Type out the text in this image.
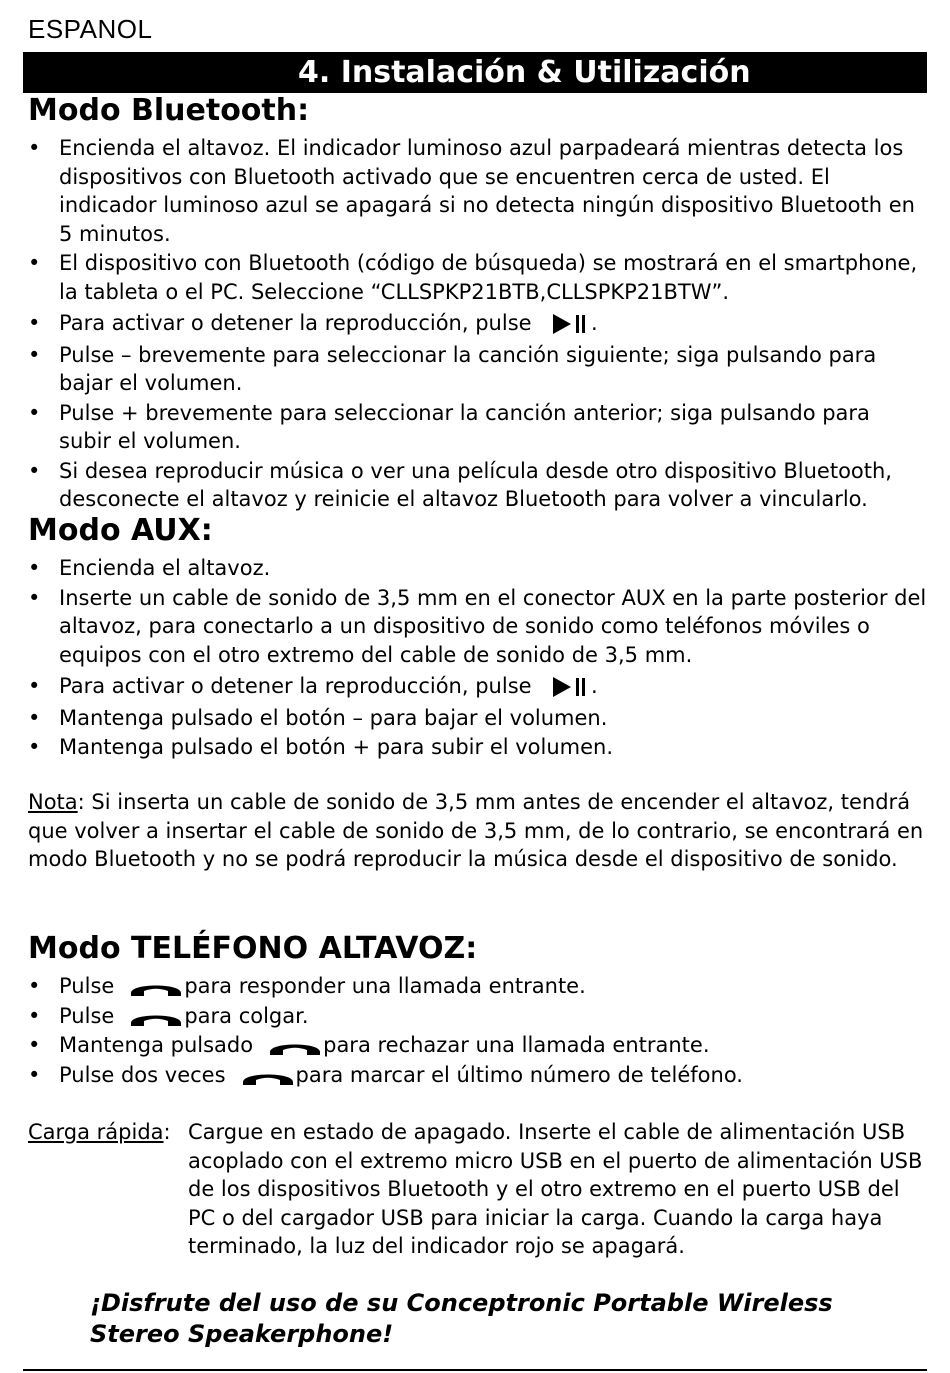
ESPANOL
4. Instalación & Utilización
Modo Bluetooth:
• Encienda el altavoz. El indicador luminoso azul parpadeará mientras detecta los dispositivos con Bluetooth activado que se encuentren cerca de usted. El indicador luminoso azul se apagará si no detecta ningún dispositivo Bluetooth en 5 minutos.
• El dispositivo con Bluetooth (código de búsqueda) se mostrará en el smartphone, la tableta o el PC. Seleccione “CLLSPKP21BTB,CLLSPKP21BTW”.
• Para activar o detener la reproducción, pulse	.
• Pulse – brevemente para seleccionar la canción siguiente; siga pulsando para bajar el volumen.
• Pulse + brevemente para seleccionar la canción anterior; siga pulsando para subir el volumen.
• Si desea reproducir música o ver una película desde otro dispositivo Bluetooth, desconecte el altavoz y reinicie el altavoz Bluetooth para volver a vincularlo.
Modo AUX:
• Encienda el altavoz.
• Inserte un cable de sonido de 3,5 mm en el conector AUX en la parte posterior del altavoz, para conectarlo a un dispositivo de sonido como teléfonos móviles o equipos con el otro extremo del cable de sonido de 3,5 mm.
• Para activar o detener la reproducción, pulse	.
• Mantenga pulsado el botón – para bajar el volumen.
• Mantenga pulsado el botón + para subir el volumen.

Nota: Si inserta un cable de sonido de 3,5 mm antes de encender el altavoz, tendrá que volver a insertar el cable de sonido de 3,5 mm, de lo contrario, se encontrará en modo Bluetooth y no se podrá reproducir la música desde el dispositivo de sonido.

Modo TELÉFONO ALTAVOZ:
• Pulse	para responder una llamada entrante.
• Pulse	para colgar.
• Mantenga pulsado	para rechazar una llamada entrante.
• Pulse dos veces	para marcar el último número de teléfono.
Carga rápida: Cargue en estado de apagado. Inserte el cable de alimentación USB acoplado con el extremo micro USB en el puerto de alimentación USB de los dispositivos Bluetooth y el otro extremo en el puerto USB del PC o del cargador USB para iniciar la carga. Cuando la carga haya terminado, la luz del indicador rojo se apagará.

¡Disfrute del uso de su Conceptronic Portable Wireless Stereo Speakerphone!
